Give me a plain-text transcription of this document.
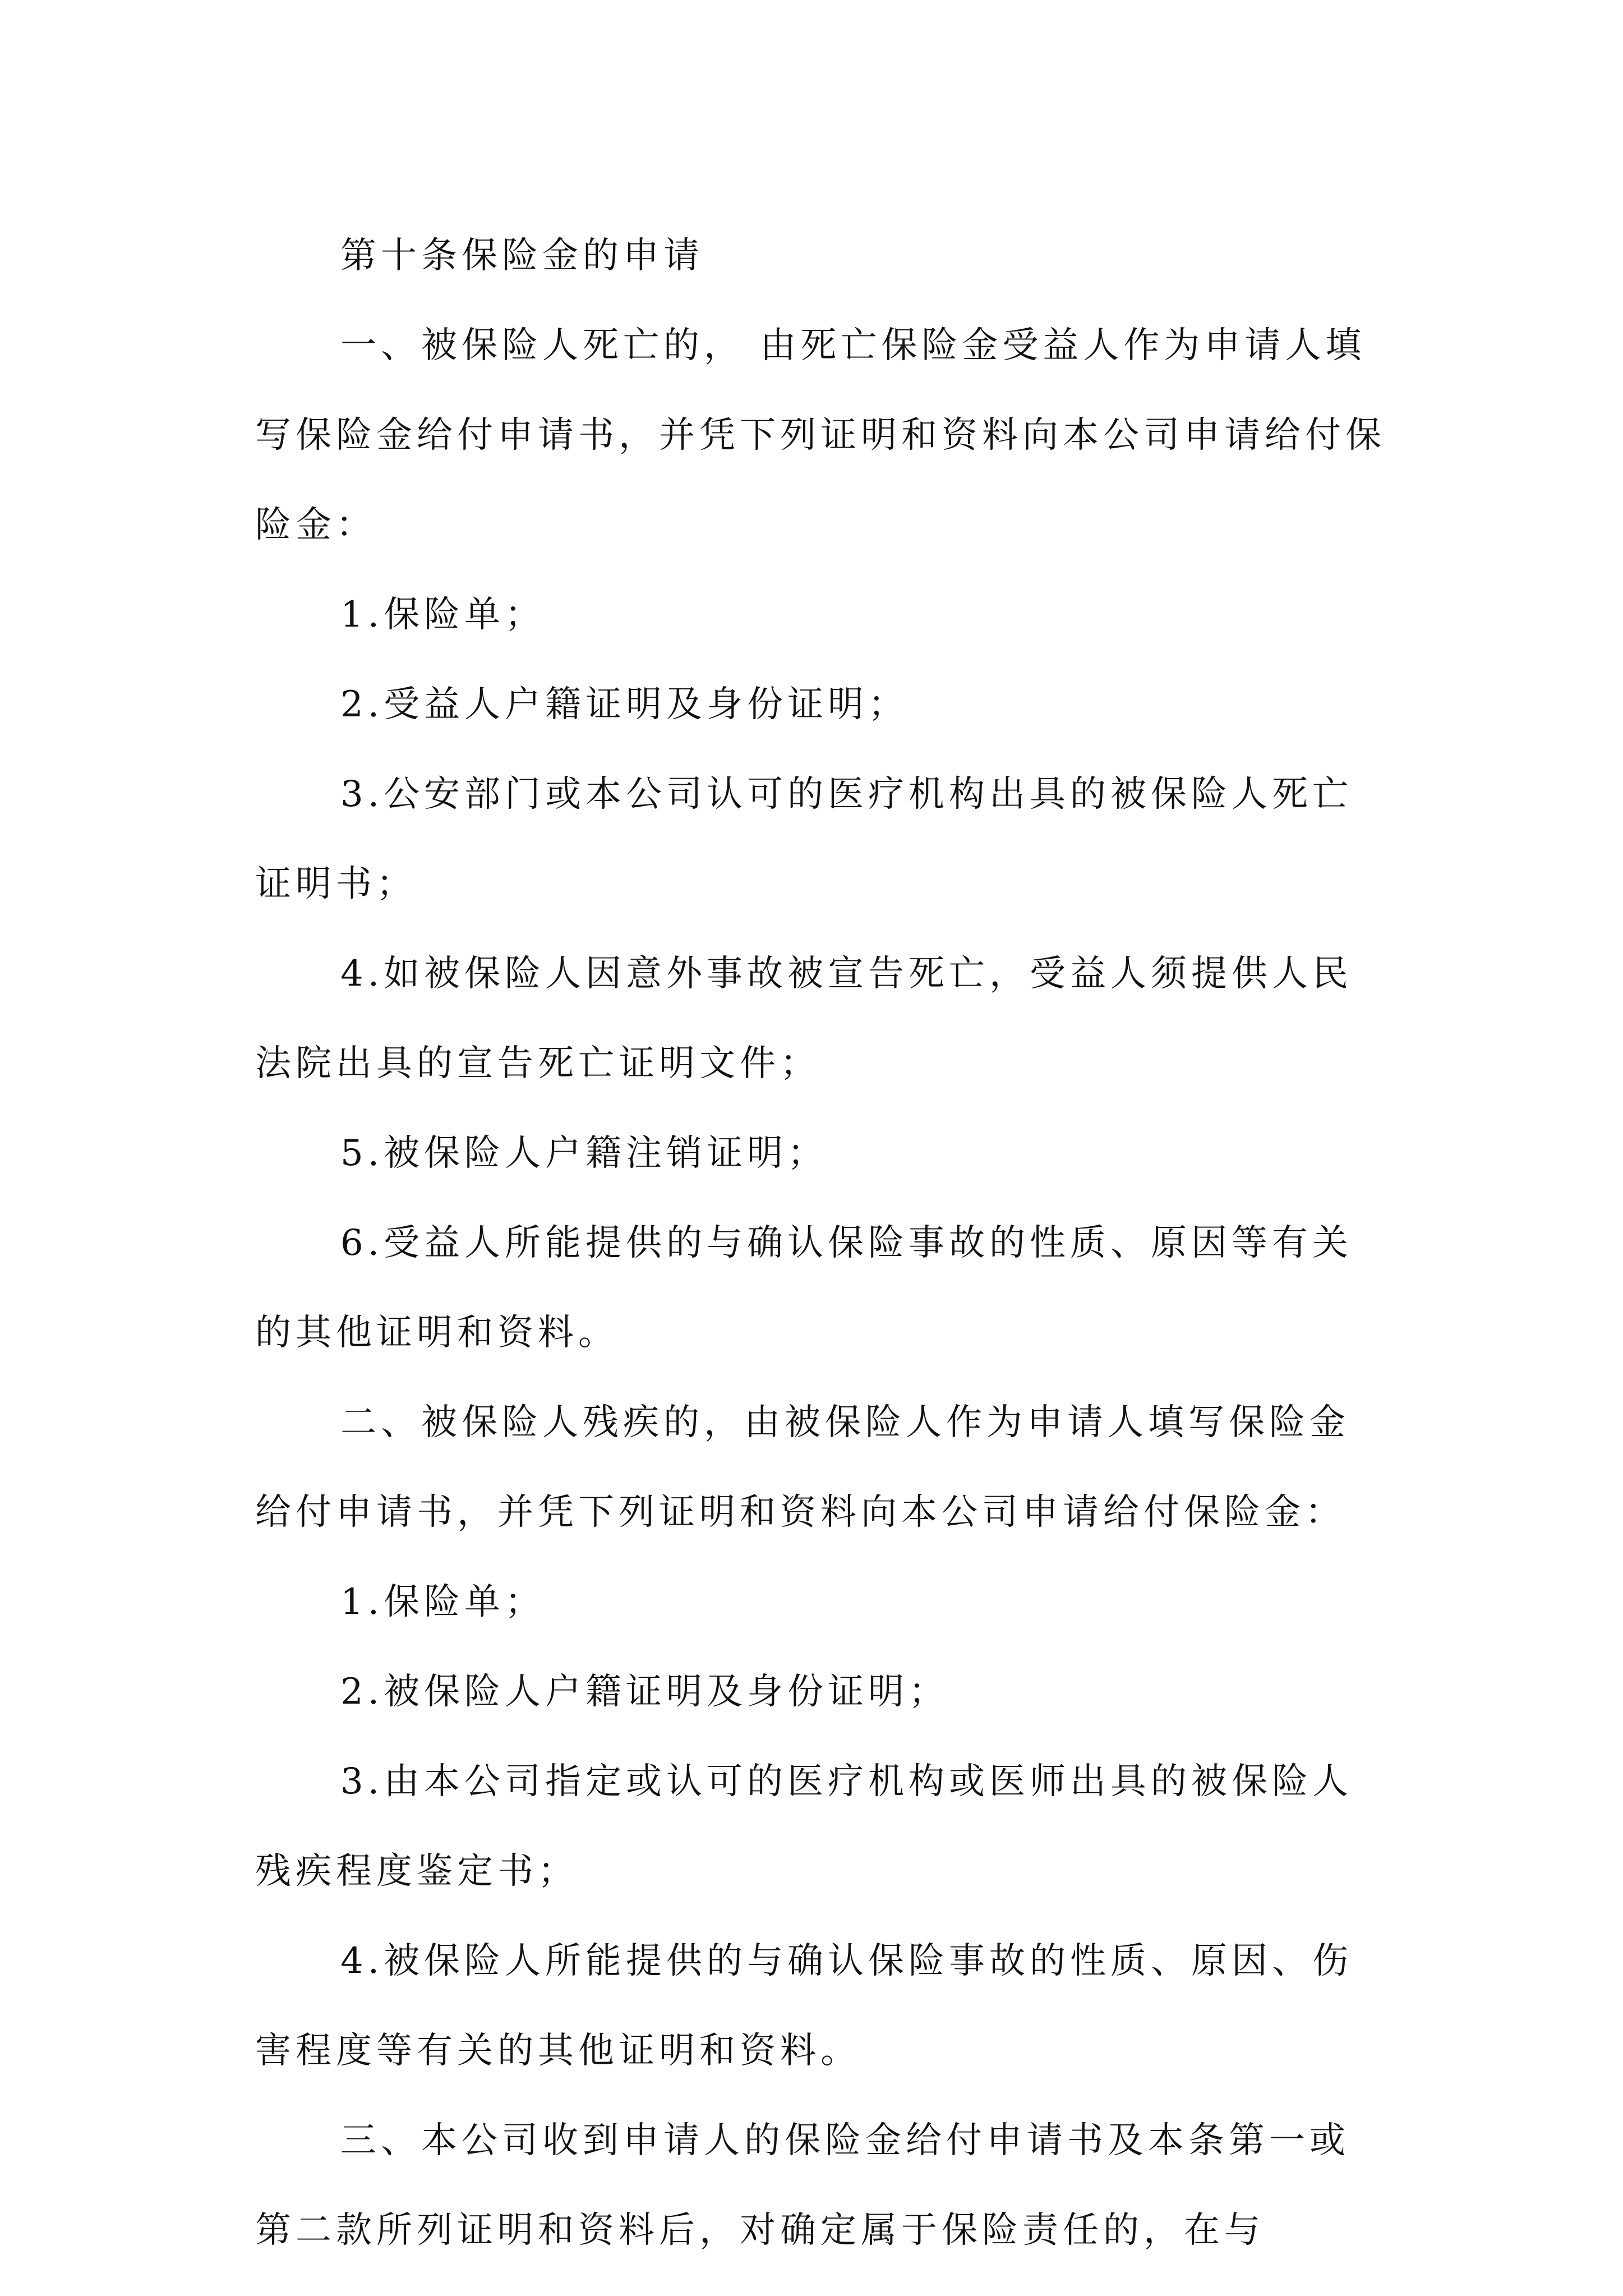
第十条保险金的申请

一、被保险人死亡的， 由死亡保险金受益人作为申请人填写保险金给付申请书，并凭下列证明和资料向本公司申请给付保险金：

1.保险单；

2.受益人户籍证明及身份证明；

3.公安部门或本公司认可的医疗机构出具的被保险人死亡证明书；

4.如被保险人因意外事故被宣告死亡，受益人须提供人民法院出具的宣告死亡证明文件；

5.被保险人户籍注销证明；

6.受益人所能提供的与确认保险事故的性质、原因等有关的其他证明和资料。

二、被保险人残疾的，由被保险人作为申请人填写保险金给付申请书，并凭下列证明和资料向本公司申请给付保险金：

1.保险单；

2.被保险人户籍证明及身份证明；

3.由本公司指定或认可的医疗机构或医师出具的被保险人残疾程度鉴定书；

4.被保险人所能提供的与确认保险事故的性质、原因、伤害程度等有关的其他证明和资料。

三、本公司收到申请人的保险金给付申请书及本条第一或第二款所列证明和资料后，对确定属于保险责任的，在与
